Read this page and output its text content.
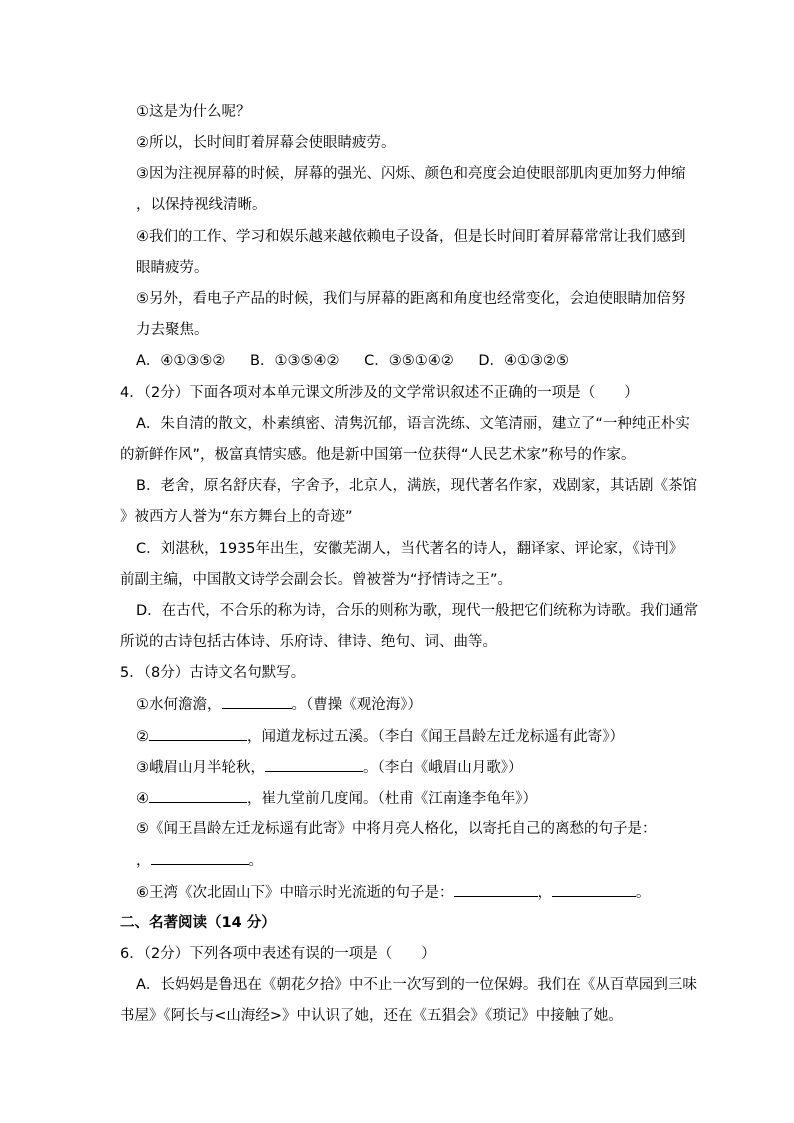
①这是为什么呢？
②所以，长时间盯着屏幕会使眼睛疲劳。
③因为注视屏幕的时候，屏幕的强光、闪烁、颜色和亮度会迫使眼部肌肉更加努力伸缩
，以保持视线清晰。
④我们的工作、学习和娱乐越来越依赖电子设备，但是长时间盯着屏幕常常让我们感到
眼睛疲劳。
⑤另外，看电子产品的时候，我们与屏幕的距离和角度也经常变化，会迫使眼睛加倍努
力去聚焦。
A．④①③⑤② B．①③⑤④② C．③⑤①④② D．④①③②⑤
4．（2分）下面各项对本单元课文所涉及的文学常识叙述不正确的一项是（　　）
A．朱自清的散文，朴素缜密、清隽沉郁，语言洗练、文笔清丽，建立了“一种纯正朴实
的新鲜作风”，极富真情实感。他是新中国第一位获得“人民艺术家”称号的作家。
B．老舍，原名舒庆春，字舍予，北京人，满族，现代著名作家，戏剧家，其话剧《茶馆
》被西方人誉为“东方舞台上的奇迹”
C．刘湛秋，1935年出生，安徽芜湖人，当代著名的诗人，翻译家、评论家，《诗刊》
前副主编，中国散文诗学会副会长。曾被誉为“抒情诗之王”。
D．在古代，不合乐的称为诗，合乐的则称为歌，现代一般把它们统称为诗歌。我们通常
所说的古诗包括古体诗、乐府诗、律诗、绝句、词、曲等。
5．（8分）古诗文名句默写。
①水何澹澹，	。（曹操《观沧海》）
②	，闻道龙标过五溪。（李白《闻王昌龄左迁龙标遥有此寄》）
③峨眉山月半轮秋，	。（李白《峨眉山月歌》）
④	，崔九堂前几度闻。（杜甫《江南逢李龟年》）
⑤《闻王昌龄左迁龙标遥有此寄》中将月亮人格化，以寄托自己的离愁的句子是：
，	。
⑥王湾《次北固山下》中暗示时光流逝的句子是：	，	。
二、名著阅读（14 分）
6．（2分）下列各项中表述有误的一项是（　　）
A．长妈妈是鲁迅在《朝花夕拾》中不止一次写到的一位保姆。我们在《从百草园到三味
书屋》《阿长与<山海经>》中认识了她，还在《五猖会》《琐记》中接触了她。
